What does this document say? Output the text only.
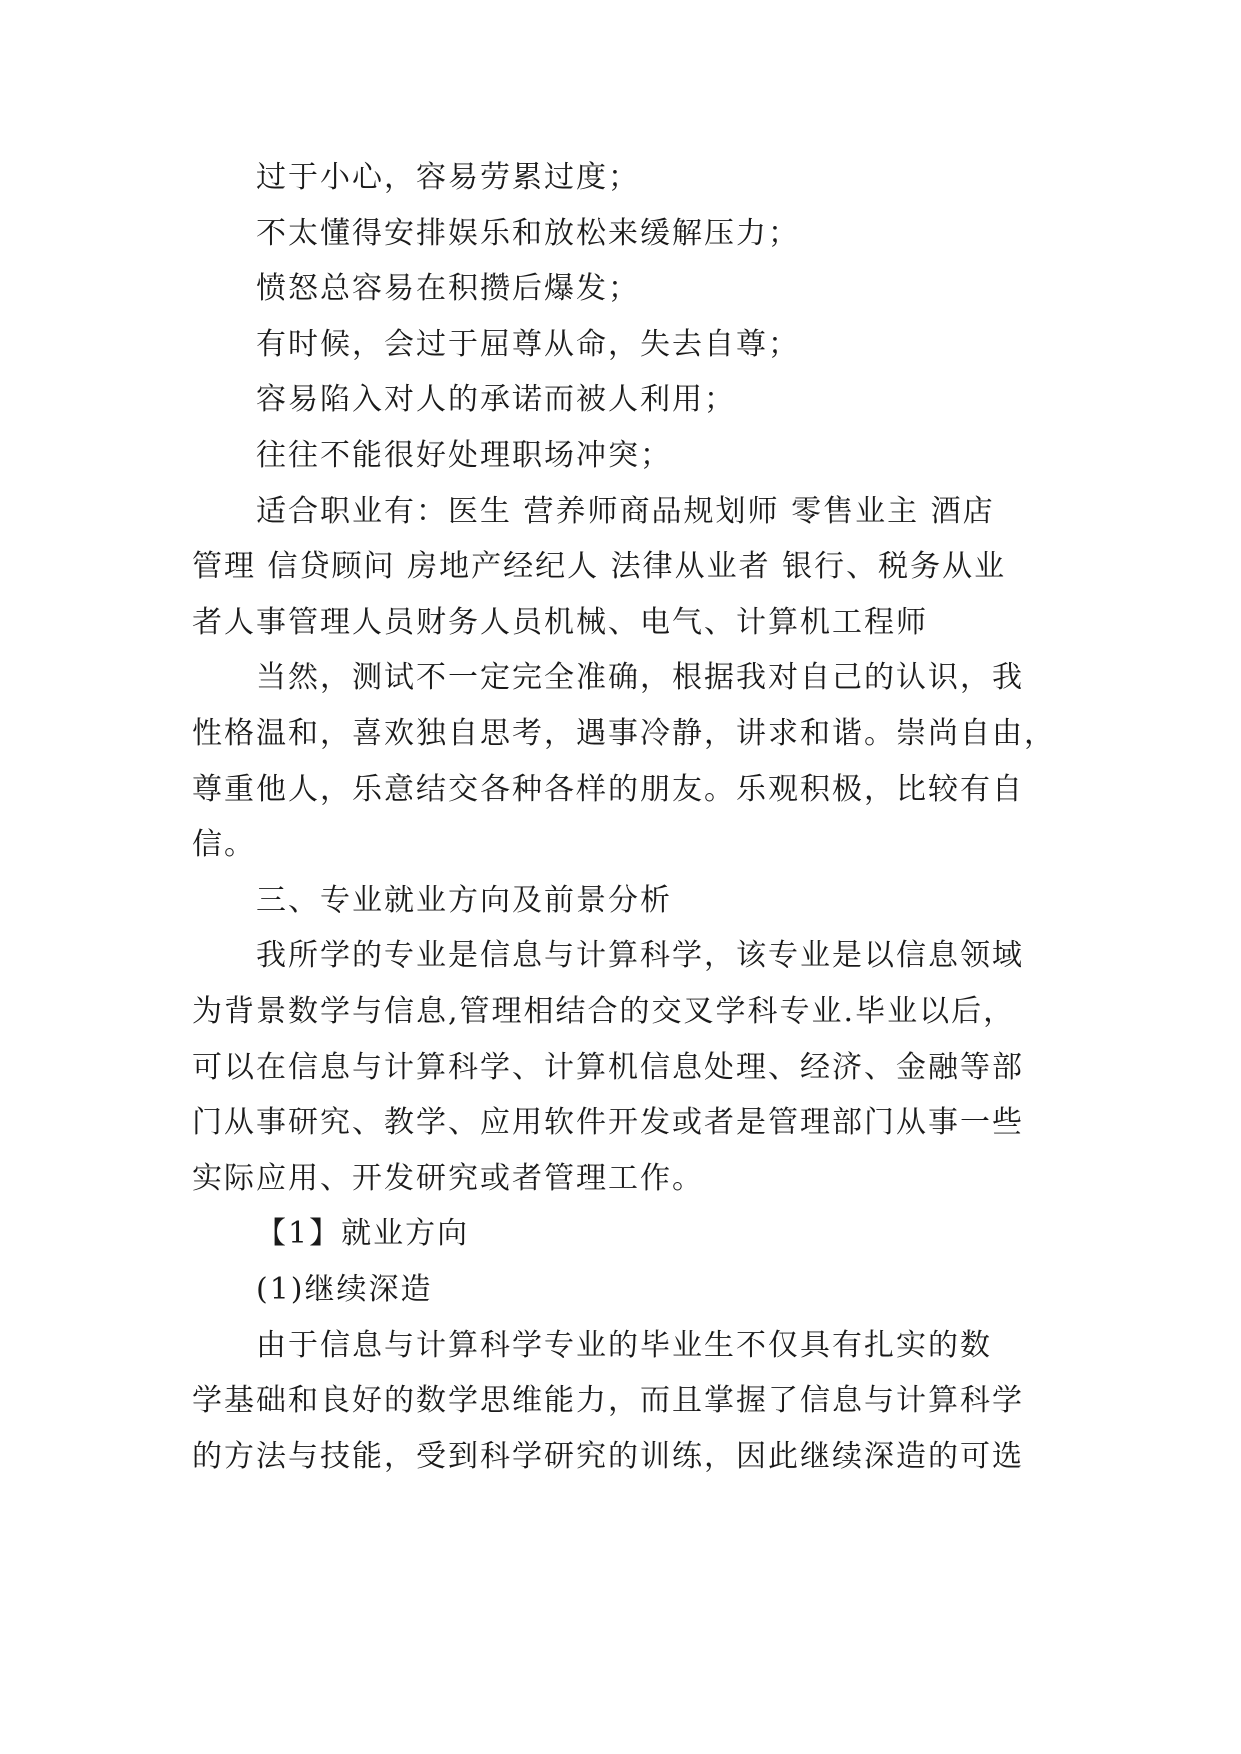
过于小心，容易劳累过度；
不太懂得安排娱乐和放松来缓解压力；
愤怒总容易在积攒后爆发；
有时候，会过于屈尊从命，失去自尊；
容易陷入对人的承诺而被人利用；
往往不能很好处理职场冲突；
适合职业有：医生 营养师商品规划师 零售业主 酒店
管理 信贷顾问 房地产经纪人 法律从业者 银行、税务从业
者人事管理人员财务人员机械、电气、计算机工程师
当然，测试不一定完全准确，根据我对自己的认识，我
性格温和，喜欢独自思考，遇事冷静，讲求和谐。崇尚自由，
尊重他人，乐意结交各种各样的朋友。乐观积极，比较有自
信。
三、专业就业方向及前景分析
我所学的专业是信息与计算科学，该专业是以信息领域
为背景数学与信息,管理相结合的交叉学科专业.毕业以后，
可以在信息与计算科学、计算机信息处理、经济、金融等部
门从事研究、教学、应用软件开发或者是管理部门从事一些
实际应用、开发研究或者管理工作。
【1】就业方向
(1)继续深造
由于信息与计算科学专业的毕业生不仅具有扎实的数
学基础和良好的数学思维能力，而且掌握了信息与计算科学
的方法与技能，受到科学研究的训练，因此继续深造的可选
